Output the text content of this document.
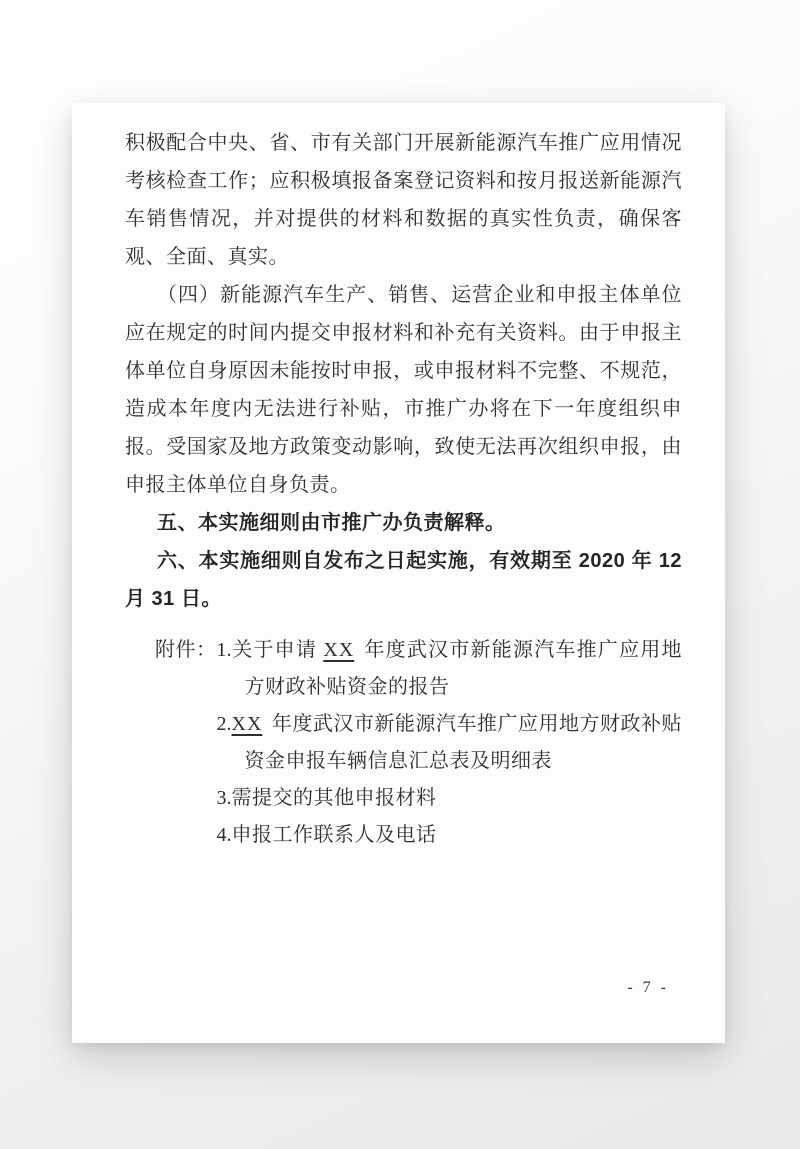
积极配合中央、省、市有关部门开展新能源汽车推广应用情况考核检查工作；应积极填报备案登记资料和按月报送新能源汽车销售情况，并对提供的材料和数据的真实性负责，确保客观、全面、真实。

（四）新能源汽车生产、销售、运营企业和申报主体单位应在规定的时间内提交申报材料和补充有关资料。由于申报主体单位自身原因未能按时申报，或申报材料不完整、不规范，造成本年度内无法进行补贴，市推广办将在下一年度组织申报。受国家及地方政策变动影响，致使无法再次组织申报，由申报主体单位自身负责。

五、本实施细则由市推广办负责解释。

六、本实施细则自发布之日起实施，有效期至 2020 年 12 月 31 日。

附件： 1.关于申请 XX 年度武汉市新能源汽车推广应用地方财政补贴资金的报告
2.XX 年度武汉市新能源汽车推广应用地方财政补贴资金申报车辆信息汇总表及明细表
3.需提交的其他申报材料
4.申报工作联系人及电话
- 7 -
